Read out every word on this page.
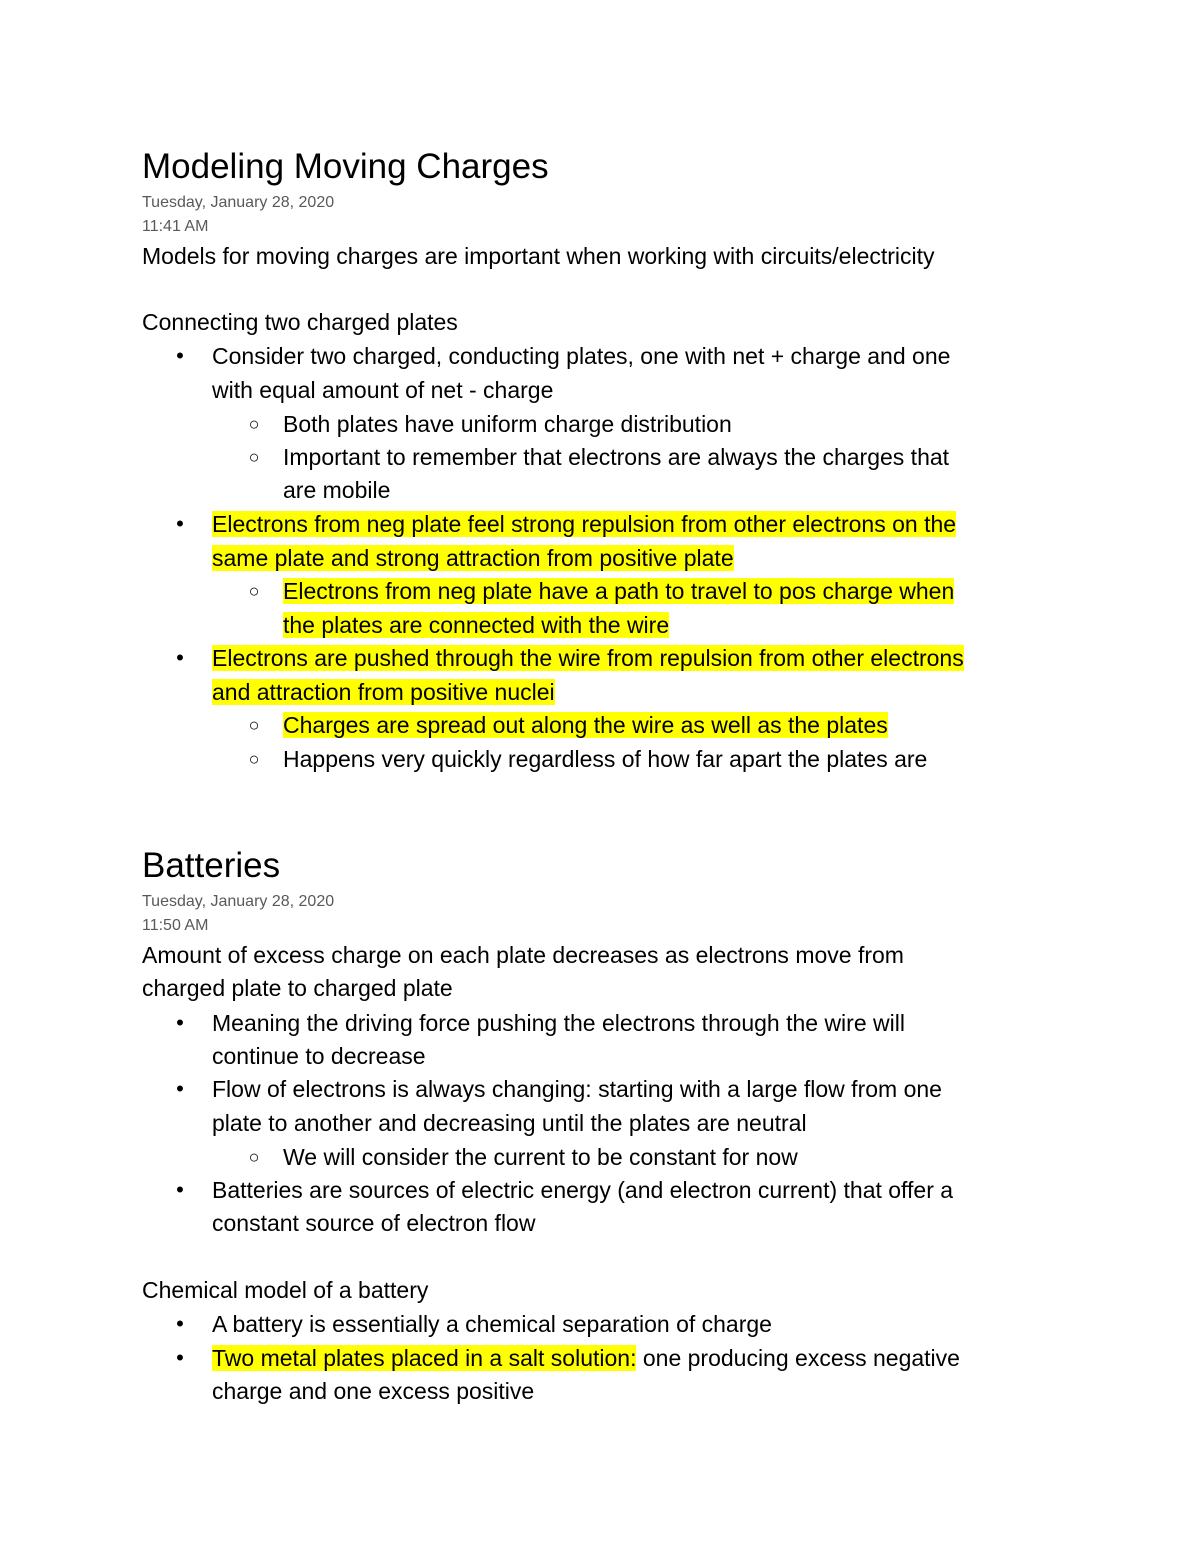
Modeling Moving Charges
Tuesday, January 28, 2020
11:41 AM
Models for moving charges are important when working with circuits/electricity
Connecting two charged plates
• Consider two charged, conducting plates, one with net + charge and one
with equal amount of net - charge
○ Both plates have uniform charge distribution
○ Important to remember that electrons are always the charges that
are mobile
• Electrons from neg plate feel strong repulsion from other electrons on the
same plate and strong attraction from positive plate
○ Electrons from neg plate have a path to travel to pos charge when
the plates are connected with the wire
• Electrons are pushed through the wire from repulsion from other electrons
and attraction from positive nuclei
○ Charges are spread out along the wire as well as the plates
○ Happens very quickly regardless of how far apart the plates are
Batteries
Tuesday, January 28, 2020
11:50 AM
Amount of excess charge on each plate decreases as electrons move from
charged plate to charged plate
• Meaning the driving force pushing the electrons through the wire will
continue to decrease
• Flow of electrons is always changing: starting with a large flow from one
plate to another and decreasing until the plates are neutral
○ We will consider the current to be constant for now
• Batteries are sources of electric energy (and electron current) that offer a
constant source of electron flow
Chemical model of a battery
• A battery is essentially a chemical separation of charge
• Two metal plates placed in a salt solution: one producing excess negative
charge and one excess positive
